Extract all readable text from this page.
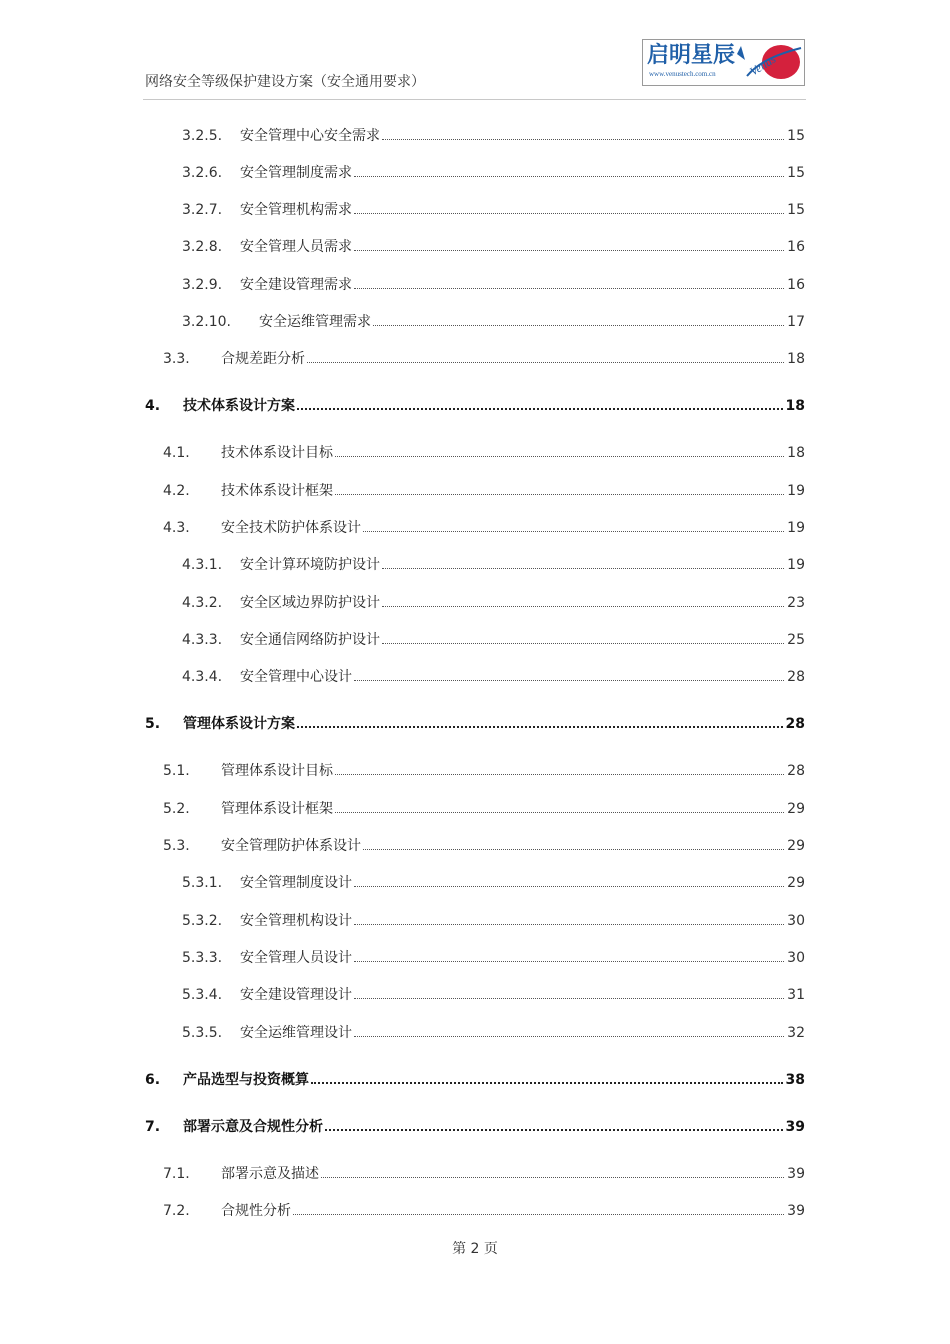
网络安全等级保护建设方案（安全通用要求）
启明星辰
www.venustech.com.cn	Venus
3.2.5. 安全管理中心安全需求	15
3.2.6. 安全管理制度需求	15
3.2.7. 安全管理机构需求	15
3.2.8. 安全管理人员需求	16
3.2.9. 安全建设管理需求	16
3.2.10. 安全运维管理需求	17
3.3. 合规差距分析	18
4. 技术体系设计方案	18
4.1. 技术体系设计目标	18
4.2. 技术体系设计框架	19
4.3. 安全技术防护体系设计	19
4.3.1. 安全计算环境防护设计	19
4.3.2. 安全区域边界防护设计	23
4.3.3. 安全通信网络防护设计	25
4.3.4. 安全管理中心设计	28
5. 管理体系设计方案	28
5.1. 管理体系设计目标	28
5.2. 管理体系设计框架	29
5.3. 安全管理防护体系设计	29
5.3.1. 安全管理制度设计	29
5.3.2. 安全管理机构设计	30
5.3.3. 安全管理人员设计	30
5.3.4. 安全建设管理设计	31
5.3.5. 安全运维管理设计	32
6. 产品选型与投资概算	38
7. 部署示意及合规性分析	39
7.1. 部署示意及描述	39
7.2. 合规性分析	39
第 2 页
